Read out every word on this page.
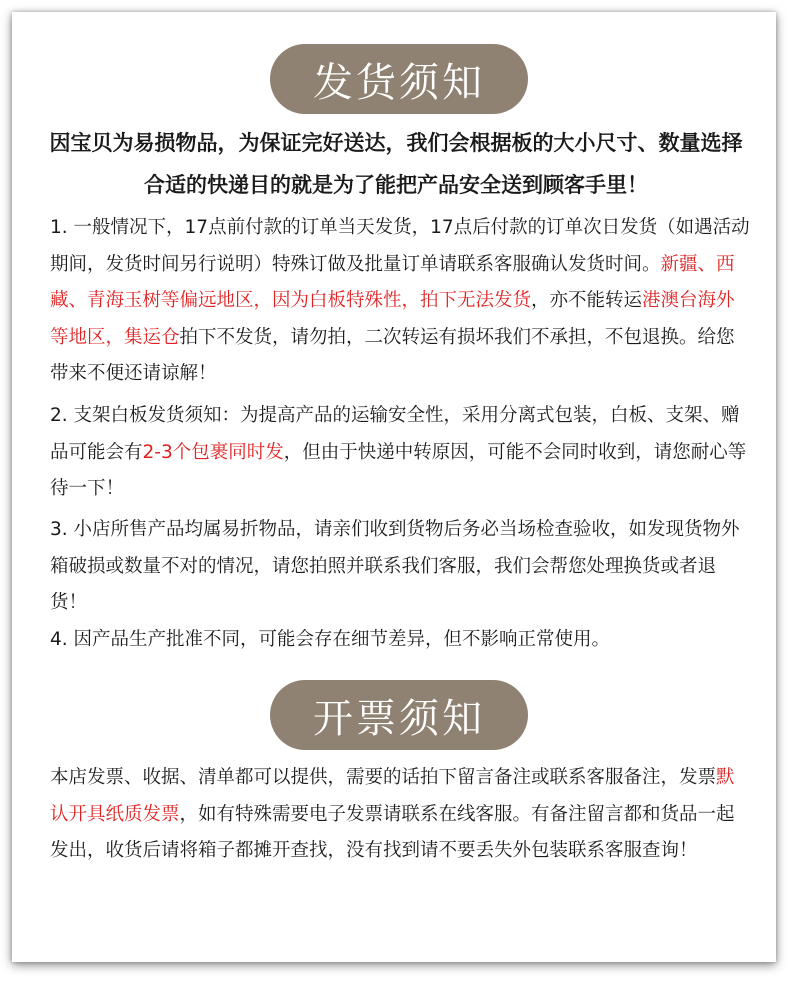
发货须知
因宝贝为易损物品，为保证完好送达，我们会根据板的大小尺寸、数量选择合适的快递目的就是为了能把产品安全送到顾客手里！
1. 一般情况下，17点前付款的订单当天发货，17点后付款的订单次日发货（如遇活动期间，发货时间另行说明）特殊订做及批量订单请联系客服确认发货时间。新疆、西藏、青海玉树等偏远地区，因为白板特殊性，拍下无法发货，亦不能转运港澳台海外等地区，集运仓拍下不发货，请勿拍，二次转运有损坏我们不承担，不包退换。给您带来不便还请谅解！
2. 支架白板发货须知：为提高产品的运输安全性，采用分离式包装，白板、支架、赠品可能会有2-3个包裹同时发，但由于快递中转原因，可能不会同时收到，请您耐心等待一下！
3. 小店所售产品均属易折物品，请亲们收到货物后务必当场检查验收，如发现货物外箱破损或数量不对的情况，请您拍照并联系我们客服，我们会帮您处理换货或者退货！
4. 因产品生产批准不同，可能会存在细节差异，但不影响正常使用。
开票须知
本店发票、收据、清单都可以提供，需要的话拍下留言备注或联系客服备注，发票默认开具纸质发票，如有特殊需要电子发票请联系在线客服。有备注留言都和货品一起发出，收货后请将箱子都摊开查找，没有找到请不要丢失外包装联系客服查询！
